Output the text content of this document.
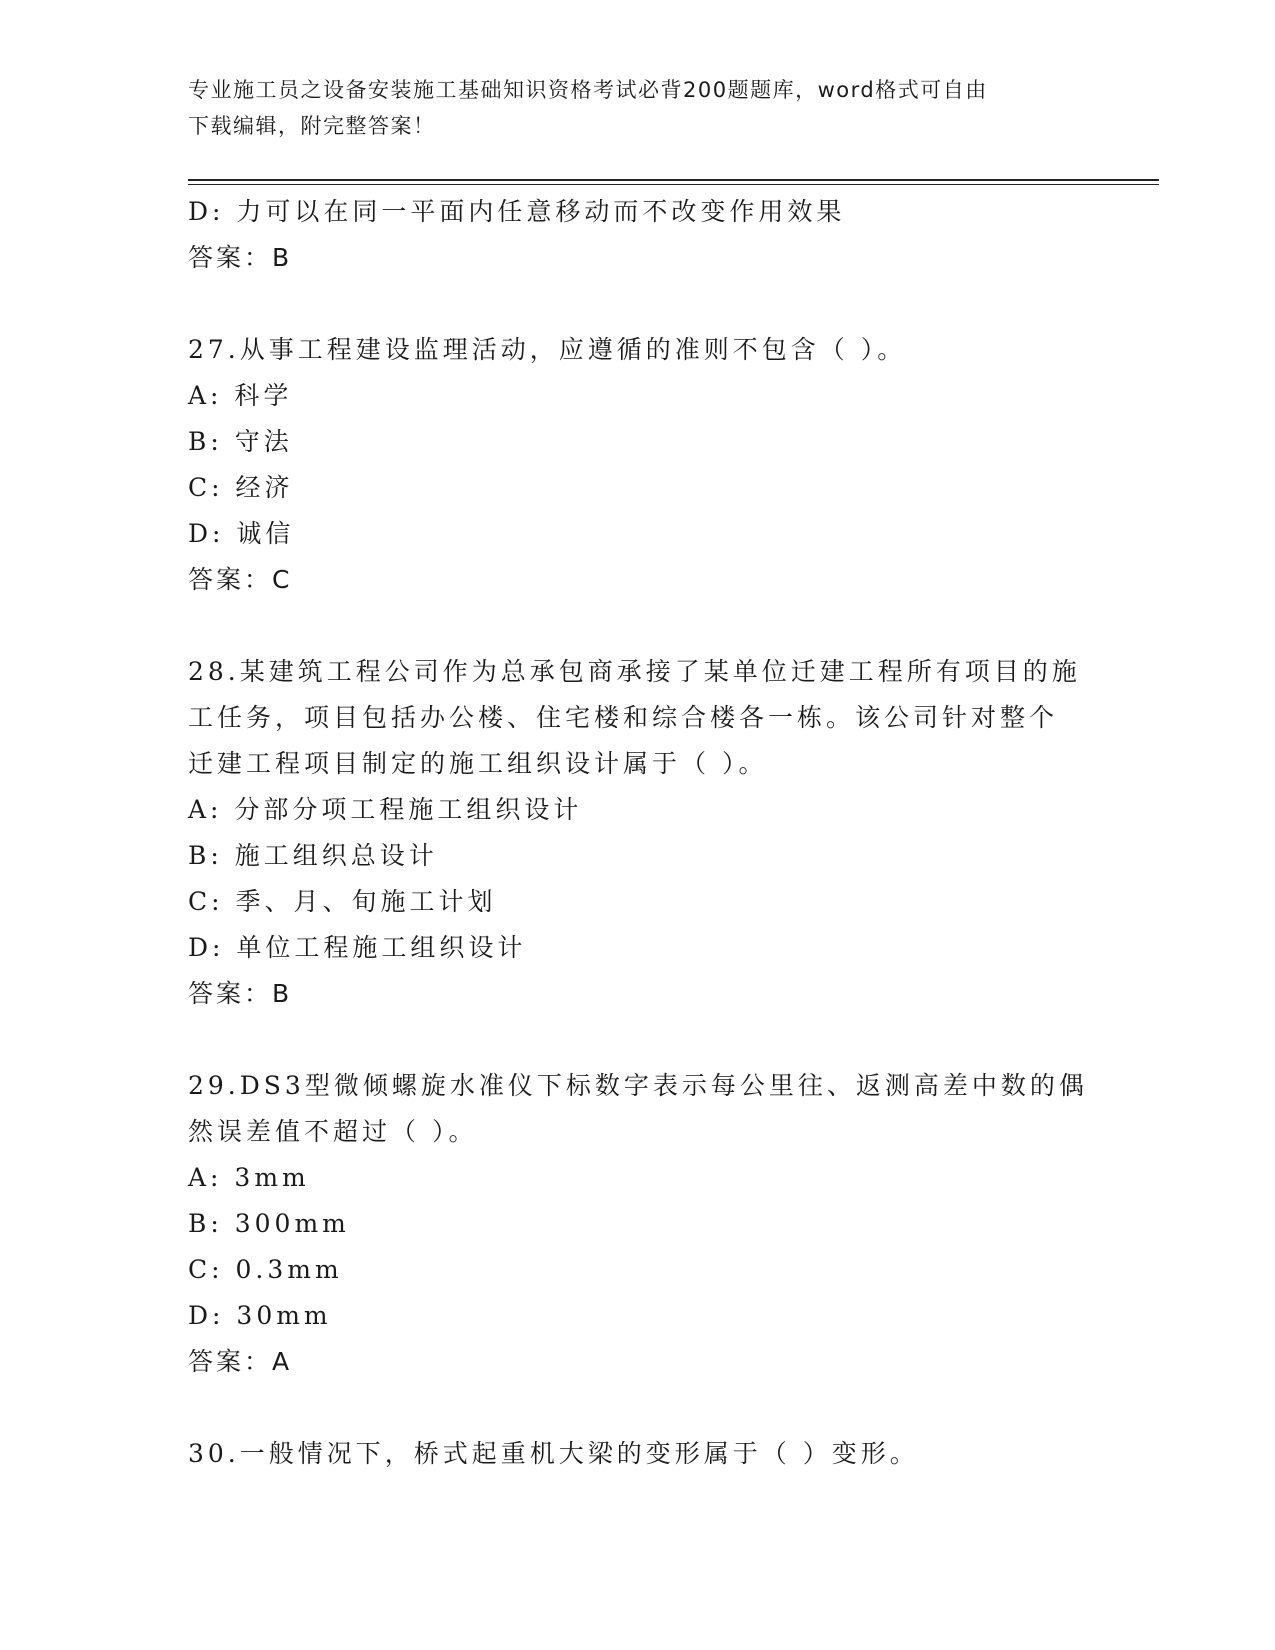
专业施工员之设备安装施工基础知识资格考试必背200题题库，word格式可自由
下载编辑，附完整答案！

D: 力可以在同一平面内任意移动而不改变作用效果

答案：B

27.从事工程建设监理活动，应遵循的准则不包含（ ）。

A: 科学

B: 守法

C: 经济

D: 诚信

答案：C

28.某建筑工程公司作为总承包商承接了某单位迁建工程所有项目的施

工任务，项目包括办公楼、住宅楼和综合楼各一栋。该公司针对整个

迁建工程项目制定的施工组织设计属于（ ）。

A: 分部分项工程施工组织设计

B: 施工组织总设计

C: 季、月、旬施工计划

D: 单位工程施工组织设计

答案：B

29.DS3型微倾螺旋水准仪下标数字表示每公里往、返测高差中数的偶

然误差值不超过（ ）。

A: 3mm

B: 300mm

C: 0.3mm

D: 30mm

答案：A

30.一般情况下，桥式起重机大梁的变形属于（ ）变形。
